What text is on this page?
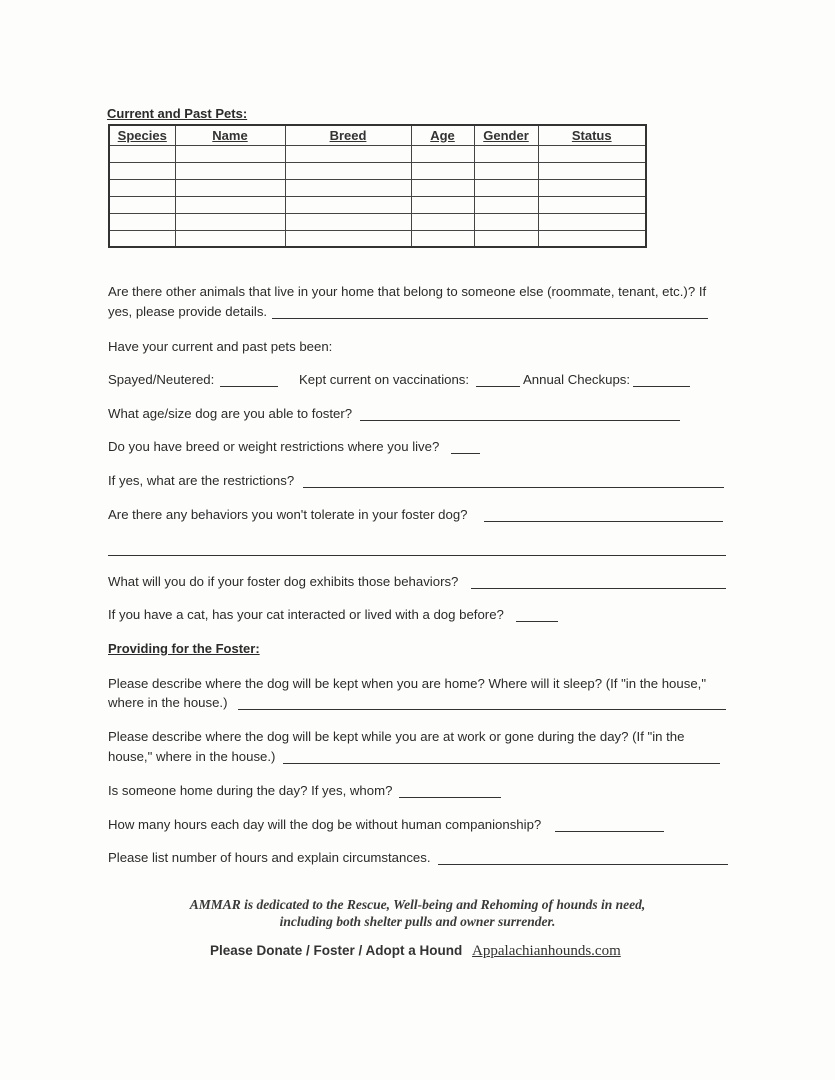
Current and Past Pets:
Species	Name	Breed	Age	Gender	Status

Are there other animals that live in your home that belong to someone else (roommate, tenant, etc.)? If
yes, please provide details.
Have your current and past pets been:
Spayed/Neutered:	Kept current on vaccinations:	Annual Checkups:
What age/size dog are you able to foster?
Do you have breed or weight restrictions where you live?
If yes, what are the restrictions?
Are there any behaviors you won't tolerate in your foster dog?
What will you do if your foster dog exhibits those behaviors?
If you have a cat, has your cat interacted or lived with a dog before?
Providing for the Foster:
Please describe where the dog will be kept when you are home? Where will it sleep? (If "in the house,"
where in the house.)
Please describe where the dog will be kept while you are at work or gone during the day? (If "in the
house," where in the house.)
Is someone home during the day? If yes, whom?
How many hours each day will the dog be without human companionship?
Please list number of hours and explain circumstances.
AMMAR is dedicated to the Rescue, Well-being and Rehoming of hounds in need,
including both shelter pulls and owner surrender.
Please Donate / Foster / Adopt a Hound Appalachianhounds.com
